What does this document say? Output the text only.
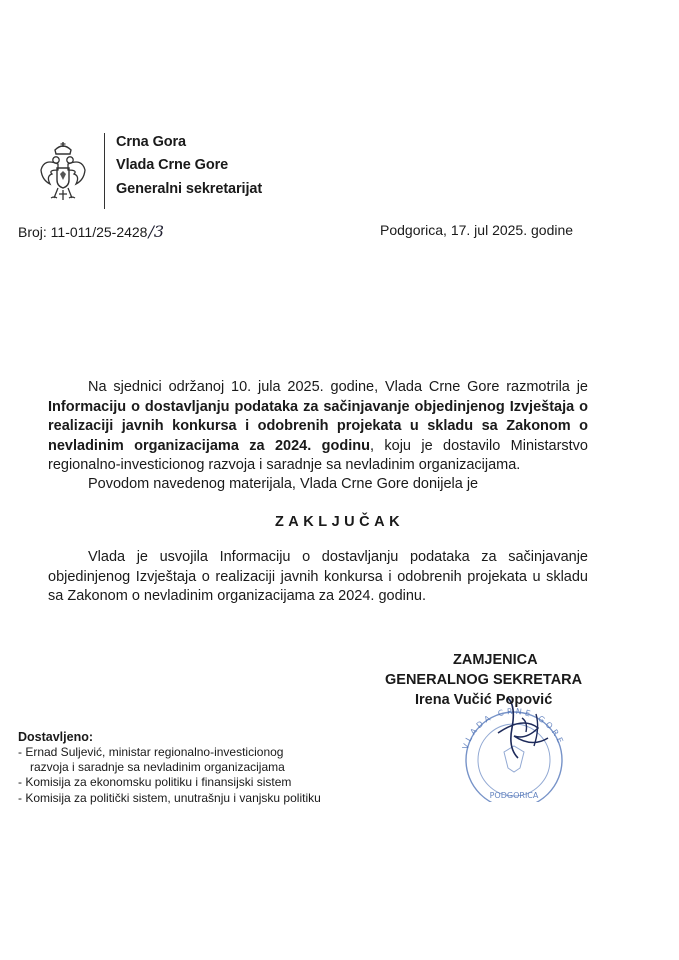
Crna Gora
Vlada Crne Gore
Generalni sekretarijat
Broj: 11-011/25-2428/3	Podgorica, 17. jul 2025. godine
Na sjednici održanoj 10. jula 2025. godine, Vlada Crne Gore razmotrila je Informaciju o dostavljanju podataka za sačinjavanje objedinjenog Izvještaja o realizaciji javnih konkursa i odobrenih projekata u skladu sa Zakonom o nevladinim organizacijama za 2024. godinu, koju je dostavilo Ministarstvo regionalno-investicionog razvoja i saradnje sa nevladinim organizacijama.
Povodom navedenog materijala, Vlada Crne Gore donijela je
ZAKLJUČAK
Vlada je usvojila Informaciju o dostavljanju podataka za sačinjavanje objedinjenog Izvještaja o realizaciji javnih konkursa i odobrenih projekata u skladu sa Zakonom o nevladinim organizacijama za 2024. godinu.
VLADA CRNE GORE
PODGORICA
ZAMJENICA
GENERALNOG SEKRETARA
Irena Vučić Popović
Dostavljeno:
- Ernad Suljević, ministar regionalno-investicionog
razvoja i saradnje sa nevladinim organizacijama
- Komisija za ekonomsku politiku i finansijski sistem
- Komisija za politički sistem, unutrašnju i vanjsku politiku
